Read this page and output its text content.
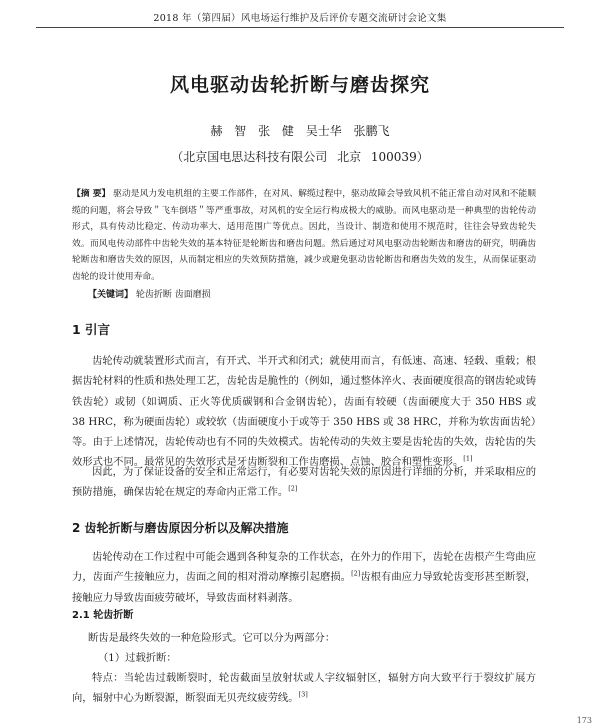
2018 年（第四届）风电场运行维护及后评价专题交流研讨会论文集
风电驱动齿轮折断与磨齿探究
赫 智 张 健 吴士华 张鹏飞
（北京国电思达科技有限公司 北京 100039）
【摘 要】 驱动是风力发电机组的主要工作部件，在对风、解缆过程中，驱动故障会导致风机不能正常自动对风和不能顺缆的问题，将会导致＂飞车倒塔＂等严重事故，对风机的安全运行构成极大的威胁。而风电驱动是一种典型的齿轮传动形式，具有传动比稳定、传动功率大、适用范围广等优点。因此，当设计、制造和使用不规范时，往往会导致齿轮失效。而风电传动部件中齿轮失效的基本特征是轮断齿和磨齿问题。然后通过对风电驱动齿轮断齿和磨齿的研究，明确齿轮断齿和磨齿失效的原因，从而制定相应的失效预防措施，减少或避免驱动齿轮断齿和磨齿失效的发生，从而保证驱动齿轮的设计使用寿命。
【关键词】 轮齿折断 齿面磨损
1 引言
齿轮传动就装置形式而言，有开式、半开式和闭式；就使用而言，有低速、高速、轻载、重载；根据齿轮材料的性质和热处理工艺，齿轮齿是脆性的（例如，通过整体淬火、表面硬度很高的钢齿轮或铸铁齿轮）或韧（如调质、正火等优质碳钢和合金钢齿轮），齿面有较硬（齿面硬度大于 350 HBS 或 38 HRC，称为硬面齿轮）或较软（齿面硬度小于或等于 350 HBS 或 38 HRC，并称为软齿面齿轮）等。由于上述情况，齿轮传动也有不同的失效模式。齿轮传动的失效主要是齿轮齿的失效，齿轮齿的失效形式也不同。最常见的失效形式是牙齿断裂和工作齿磨损、点蚀、胶合和塑性变形。[1]
因此，为了保证设备的安全和正常运行，有必要对齿轮失效的原因进行详细的分析，并采取相应的预防措施，确保齿轮在规定的寿命内正常工作。[2]
2 齿轮折断与磨齿原因分析以及解决措施
齿轮传动在工作过程中可能会遇到各种复杂的工作状态，在外力的作用下，齿轮在齿根产生弯曲应力，齿面产生接触应力，齿面之间的相对滑动摩擦引起磨损。[2]齿根有曲应力导致轮齿变形甚至断裂，接触应力导致齿面疲劳破坏，导致齿面材料剥落。
2.1 轮齿折断
断齿是最终失效的一种危险形式。它可以分为两部分：
（1）过载折断：
特点：当轮齿过载断裂时，轮齿截面呈放射状或人字纹辐射区，辐射方向大致平行于裂纹扩展方向，辐射中心为断裂源，断裂面无贝壳纹疲劳线。[3]
173
